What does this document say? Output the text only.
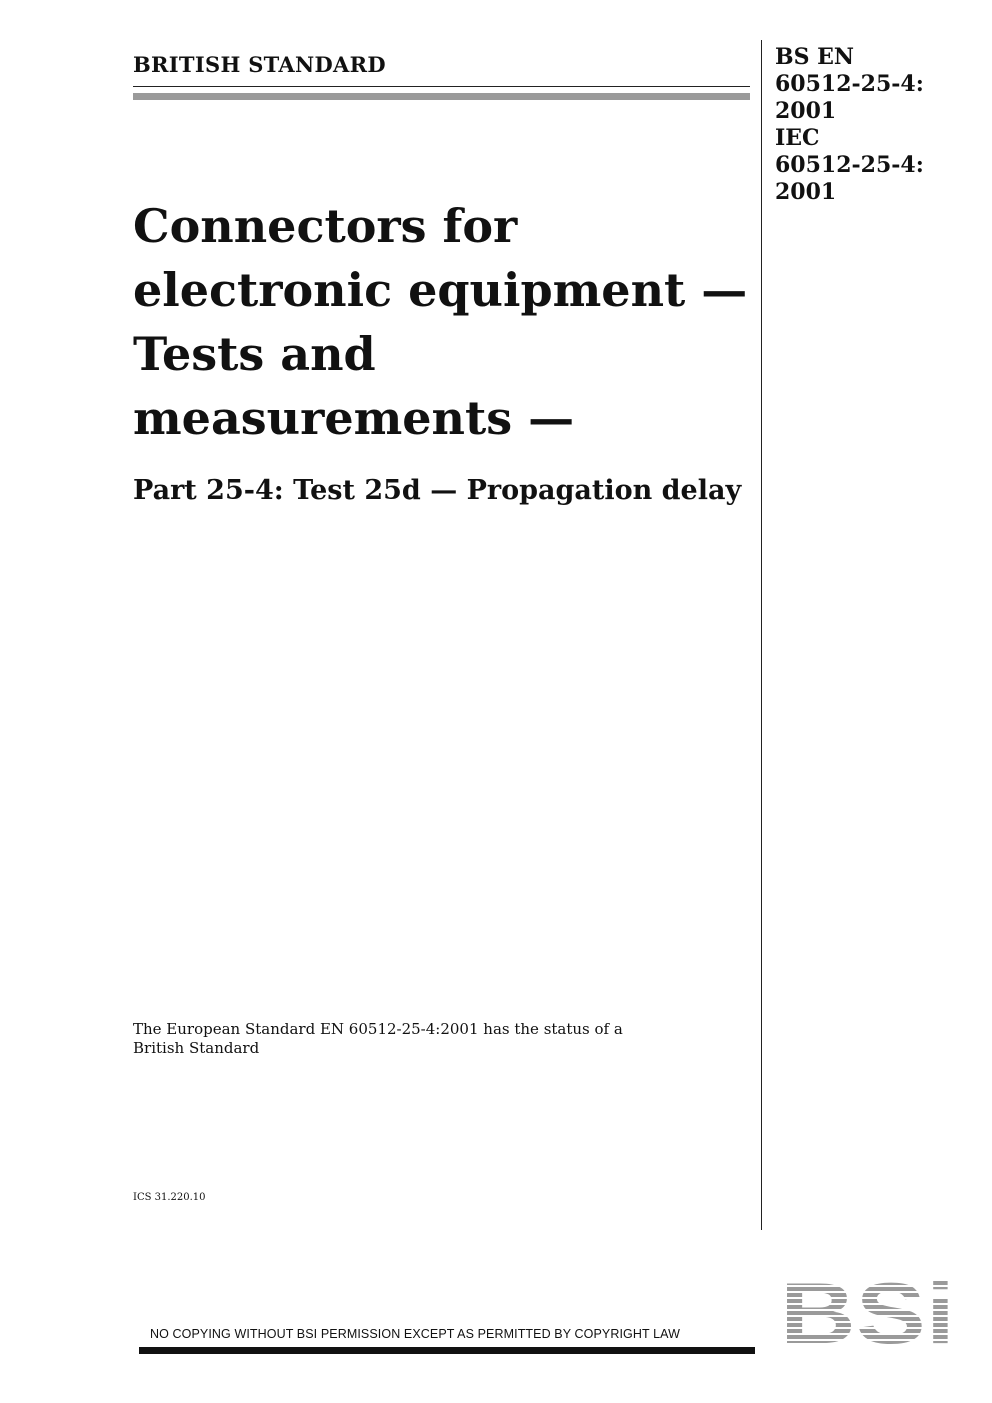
BRITISH STANDARD	BS EN
60512-25-4:
2001
IEC
60512-25-4:
2001
Connectors for
electronic equipment —
Tests and
measurements —
Part 25-4: Test 25d — Propagation delay
The European Standard EN 60512-25-4:2001 has the status of a
British Standard
ICS 31.220.10
NO COPYING WITHOUT BSI PERMISSION EXCEPT AS PERMITTED BY COPYRIGHT LAW	BSi
